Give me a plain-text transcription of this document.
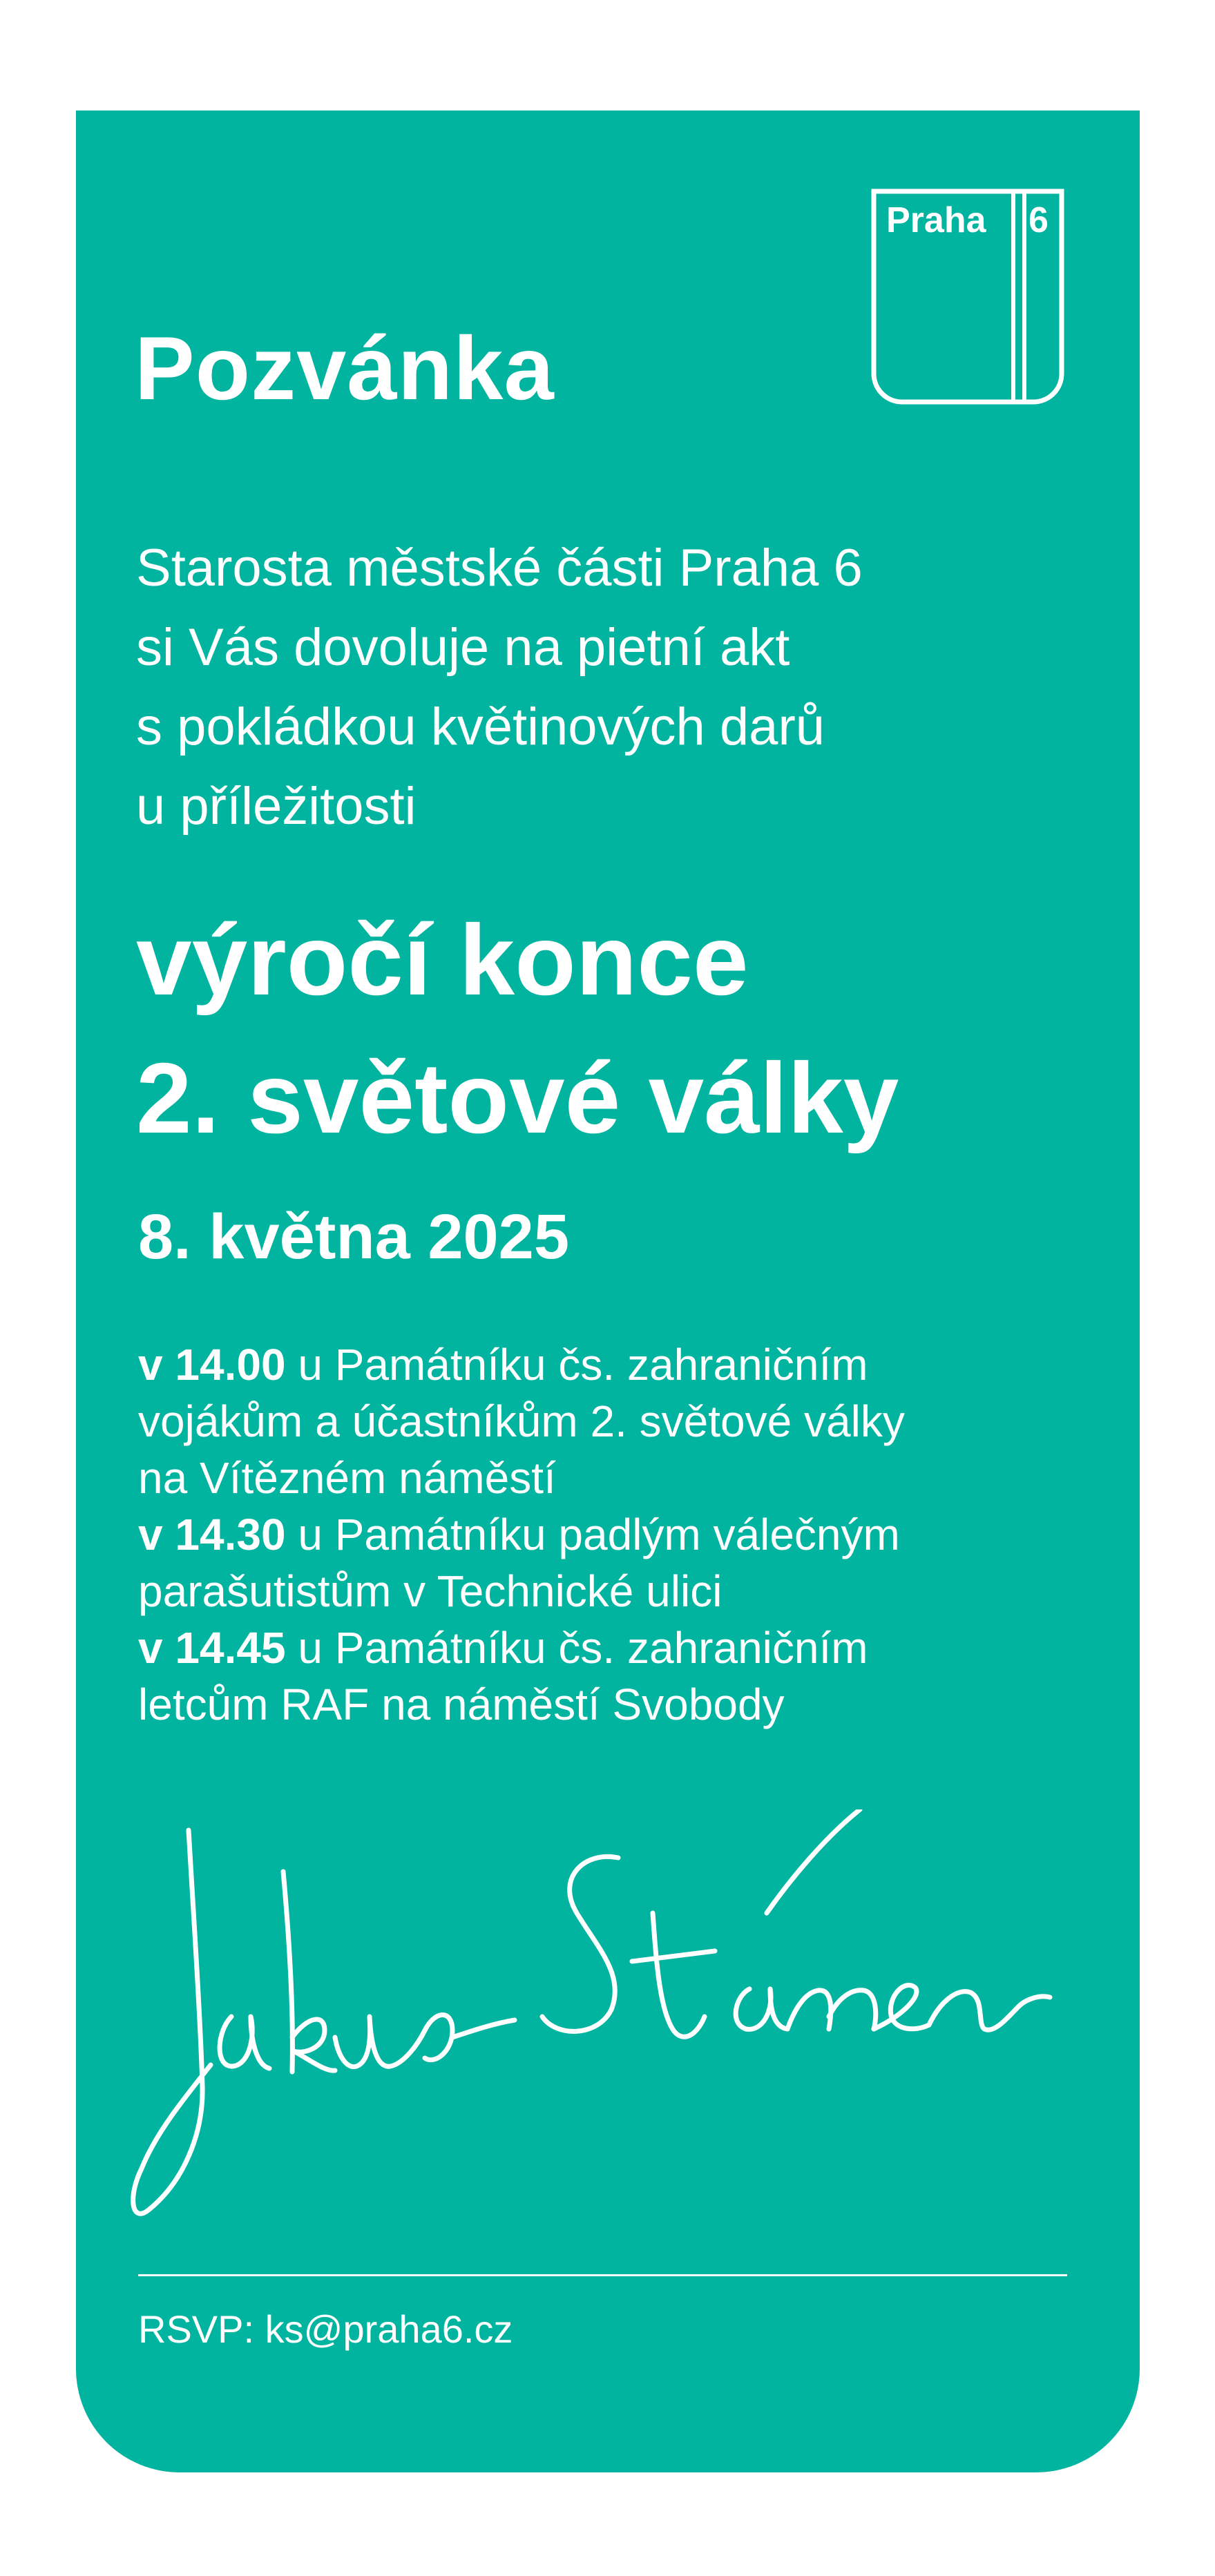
Praha 6
Pozvánka
Starosta městské části Praha 6
si Vás dovoluje na pietní akt
s pokládkou květinových darů
u příležitosti
výročí konce
2. světové války
8. května 2025
v 14.00 u Památníku čs. zahraničním
vojákům a účastníkům 2. světové války
na Vítězném náměstí
v 14.30 u Památníku padlým válečným
parašutistům v Technické ulici
v 14.45 u Památníku čs. zahraničním
letcům RAF na náměstí Svobody
RSVP: ks@praha6.cz
